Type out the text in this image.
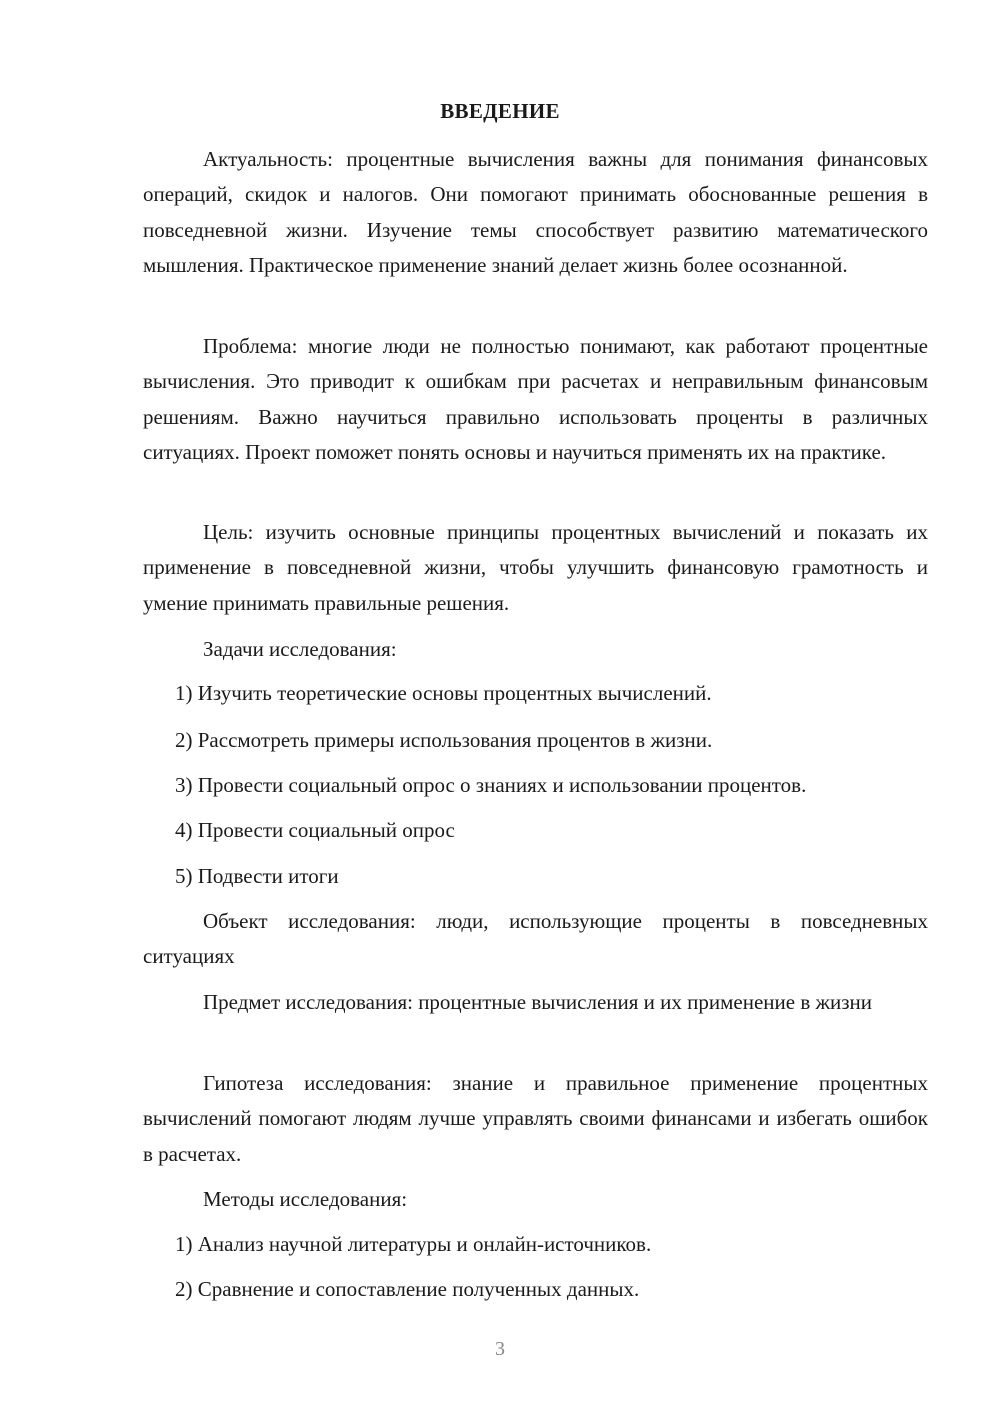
ВВЕДЕНИЕ

Актуальность: процентные вычисления важны для понимания финансовых операций, скидок и налогов. Они помогают принимать обоснованные решения в повседневной жизни. Изучение темы способствует развитию математического мышления. Практическое применение знаний делает жизнь более осознанной.

Проблема: многие люди не полностью понимают, как работают процентные вычисления. Это приводит к ошибкам при расчетах и неправильным финансовым решениям. Важно научиться правильно использовать проценты в различных ситуациях. Проект поможет понять основы и научиться применять их на практике.

Цель: изучить основные принципы процентных вычислений и показать их применение в повседневной жизни, чтобы улучшить финансовую грамотность и умение принимать правильные решения.

Задачи исследования:

1) Изучить теоретические основы процентных вычислений.

2) Рассмотреть примеры использования процентов в жизни.

3) Провести социальный опрос о знаниях и использовании процентов.

4) Провести социальный опрос

5) Подвести итоги

Объект исследования: люди, использующие проценты в повседневных ситуациях

Предмет исследования: процентные вычисления и их применение в жизни

Гипотеза исследования: знание и правильное применение процентных вычислений помогают людям лучше управлять своими финансами и избегать ошибок в расчетах.

Методы исследования:

1) Анализ научной литературы и онлайн-источников.

2) Сравнение и сопоставление полученных данных.

3
